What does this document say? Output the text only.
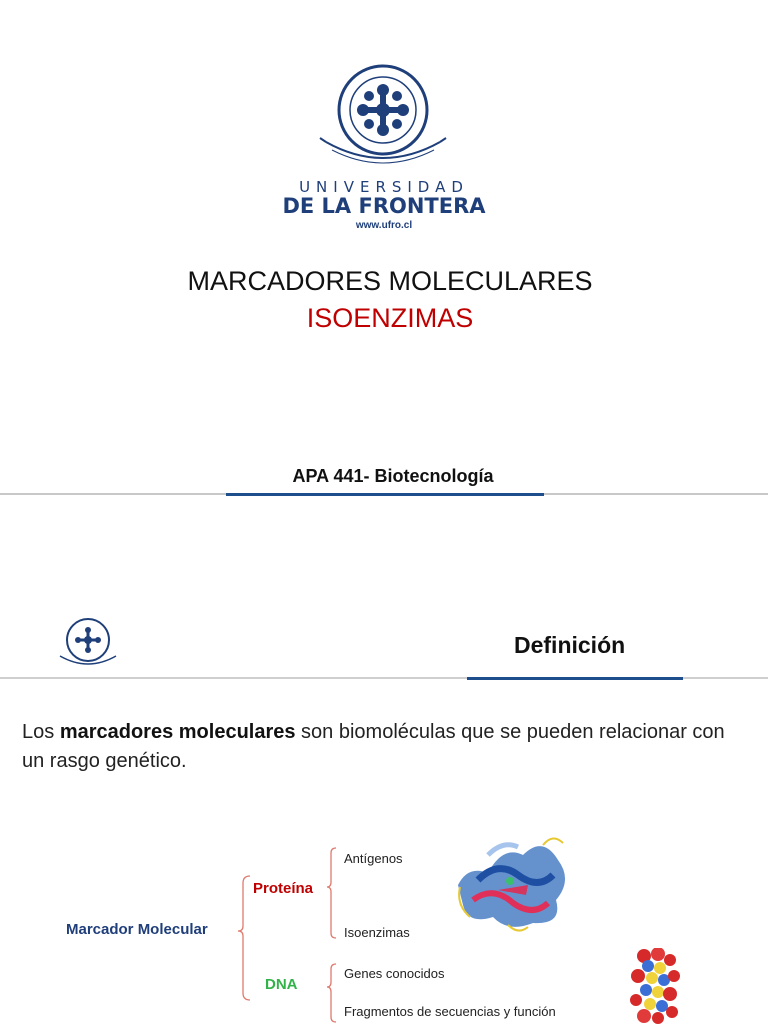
UNIVERSIDAD
DE LA FRONTERA
www.ufro.cl
MARCADORES MOLECULARES
ISOENZIMAS
APA 441- Biotecnología
Definición

Los marcadores moleculares son biomoléculas que se pueden relacionar con un rasgo genético.

Marcador Molecular
Proteína
DNA
Antígenos
Isoenzimas
Genes conocidos
Fragmentos de secuencias y función
